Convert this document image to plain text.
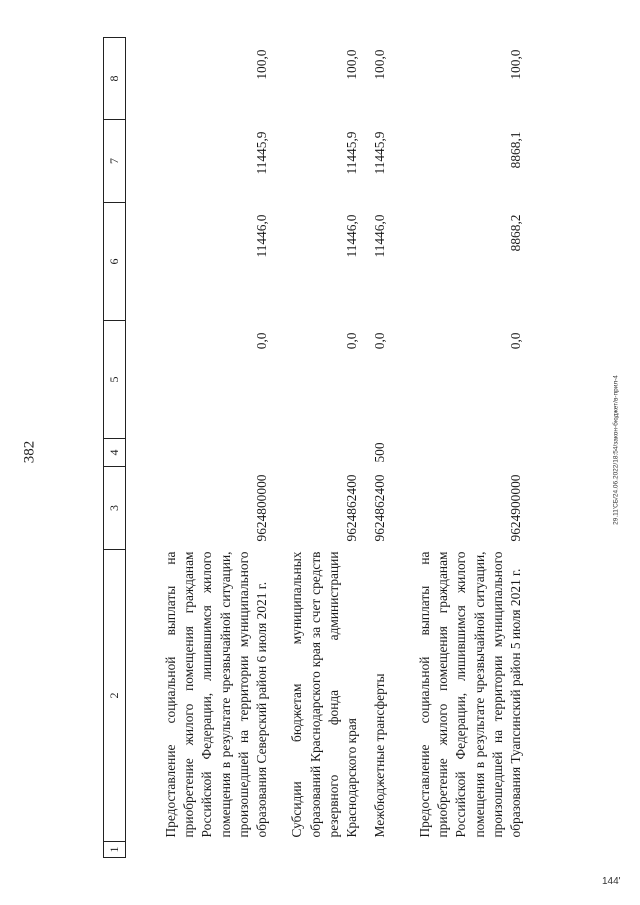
382	29.11'СБ/24.06.2022/18:54/закон-бюджет/в-прил-4
144'
1	2	3	4	5	6	7	8
	Предоставление социальной выплаты на приобретение жилого помещения гражданам Российской Федерации, лишившимся жилого помещения в результате чрезвычайной ситуации, произошедшей на территории муниципального образования Северский район 6 июля 2021 г.	9624800000		0,0	11446,0	11445,9	100,0
	Субсидии бюджетам муниципальных образований Краснодарского края за счет средств резервного фонда администрации Краснодарского края	9624862400		0,0	11446,0	11445,9	100,0
	Межбюджетные трансферты	9624862400	500	0,0	11446,0	11445,9	100,0
	Предоставление социальной выплаты на приобретение жилого помещения гражданам Российской Федерации, лишившимся жилого помещения в результате чрезвычайной ситуации, произошедшей на территории муниципального образования Туапсинский район 5 июля 2021 г.	9624900000		0,0	8868,2	8868,1	100,0
